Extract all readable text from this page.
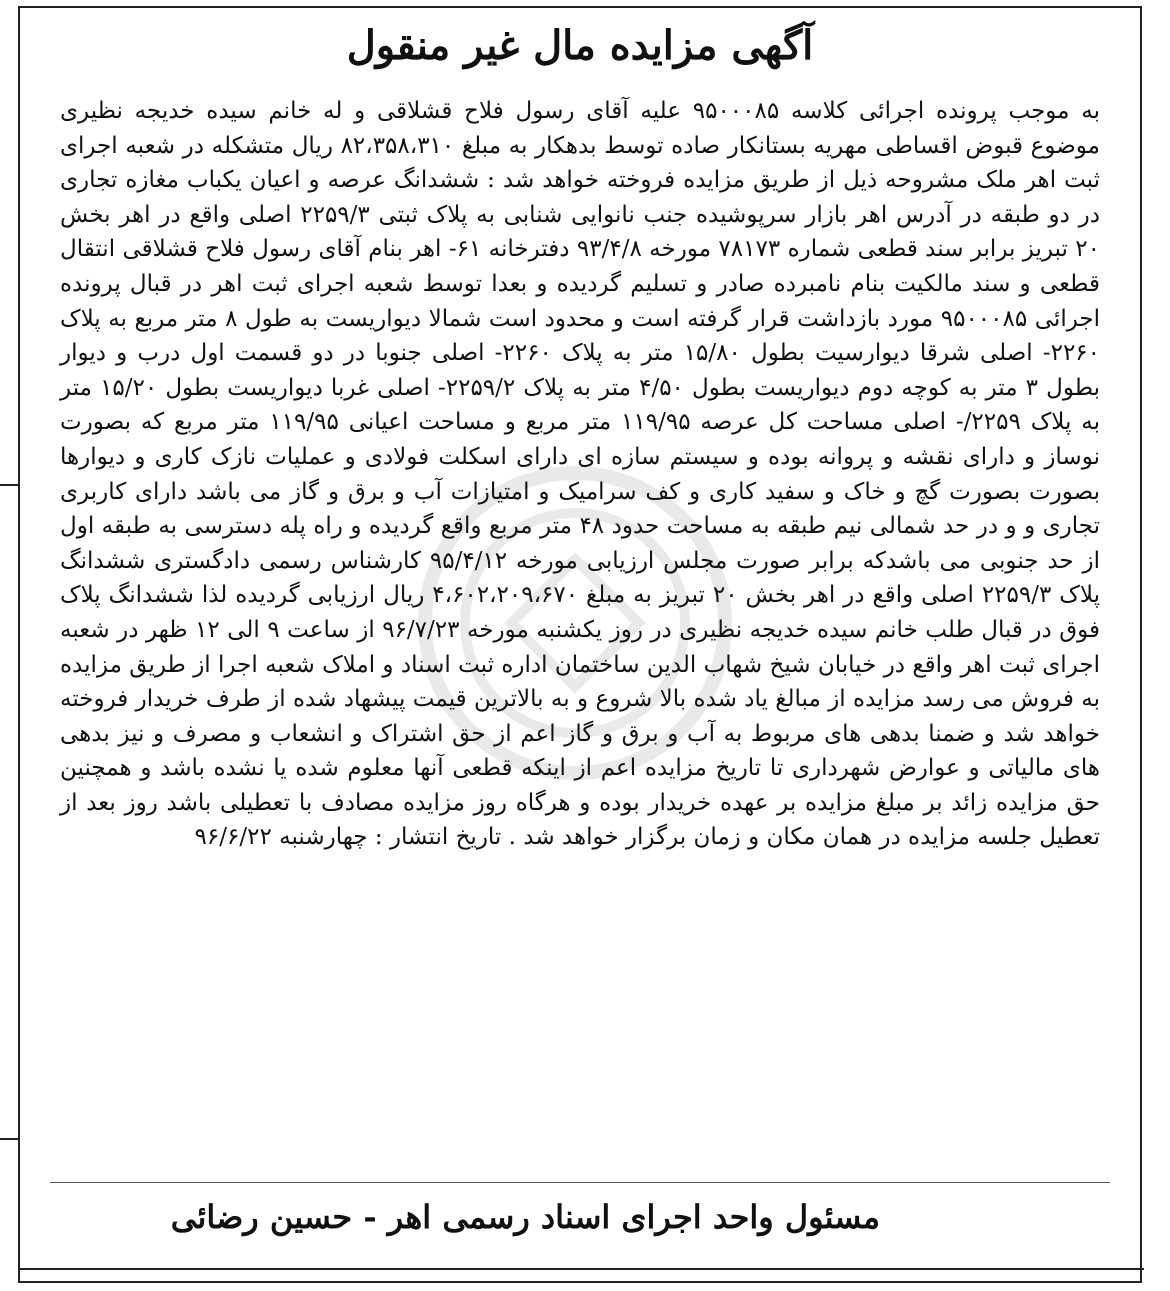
آگهی مزایده مال غیر منقول
به موجب پرونده اجرائی کلاسه ۹۵۰۰۰۸۵ علیه آقای رسول فلاح قشلاقی و له خانم سیده خدیجه نظیری موضوع قبوض اقساطی مهریه بستانکار صاده توسط بدهکار به مبلغ ۸۲،۳۵۸،۳۱۰ ریال متشکله در شعبه اجرای ثبت اهر ملک مشروحه ذیل از طریق مزایده فروخته خواهد شد : ششدانگ عرصه و اعیان یکباب مغازه تجاری در دو طبقه در آدرس اهر بازار سرپوشیده جنب نانوایی شنابی به پلاک ثبتی ۲۲۵۹/۳ اصلی واقع در اهر بخش ۲۰ تبریز برابر سند قطعی شماره ۷۸۱۷۳ مورخه ۹۳/۴/۸ دفترخانه ۶۱- اهر بنام آقای رسول فلاح قشلاقی انتقال قطعی و سند مالکیت بنام نامبرده صادر و تسلیم گردیده و بعدا توسط شعبه اجرای ثبت اهر در قبال پرونده اجرائی ۹۵۰۰۰۸۵ مورد بازداشت قرار گرفته است و محدود است شمالا دیواریست به طول ۸ متر مربع به پلاک ۲۲۶۰- اصلی شرقا دیوارسیت بطول ۱۵/۸۰ متر به پلاک ۲۲۶۰- اصلی جنوبا در دو قسمت اول درب و دیوار بطول ۳ متر به کوچه دوم دیواریست بطول ۴/۵۰ متر به پلاک ۲۲۵۹/۲- اصلی غربا دیواریست بطول ۱۵/۲۰ متر به پلاک ۲۲۵۹/- اصلی مساحت کل عرصه ۱۱۹/۹۵ متر مربع و مساحت اعیانی ۱۱۹/۹۵ متر مربع که بصورت نوساز و دارای نقشه و پروانه بوده و سیستم سازه ای دارای اسکلت فولادی و عملیات نازک کاری و دیوارها بصورت بصورت گچ و خاک و سفید کاری و کف سرامیک و امتیازات آب و برق و گاز می باشد دارای کاربری تجاری و و در حد شمالی نیم طبقه به مساحت حدود ۴۸ متر مربع واقع گردیده و راه پله دسترسی به طبقه اول از حد جنوبی می باشدکه برابر صورت مجلس ارزیابی مورخه ۹۵/۴/۱۲ کارشناس رسمی دادگستری ششدانگ پلاک ۲۲۵۹/۳ اصلی واقع در اهر بخش ۲۰ تبریز به مبلغ ۴،۶۰۲،۲۰۹،۶۷۰ ریال ارزیابی گردیده لذا ششدانگ پلاک فوق در قبال طلب خانم سیده خدیجه نظیری در روز یکشنبه مورخه ۹۶/۷/۲۳ از ساعت ۹ الی ۱۲ ظهر در شعبه اجرای ثبت اهر واقع در خیابان شیخ شهاب الدین ساختمان اداره ثبت اسناد و املاک شعبه اجرا از طریق مزایده به فروش می رسد مزایده از مبالغ یاد شده بالا شروع و به بالاترین قیمت پیشهاد شده از طرف خریدار فروخته خواهد شد و ضمنا بدهی های مربوط به آب و برق و گاز اعم از حق اشتراک و انشعاب و مصرف و نیز بدهی های مالیاتی و عوارض شهرداری تا تاریخ مزایده اعم از اینکه قطعی آنها معلوم شده یا نشده باشد و همچنین حق مزایده زائد بر مبلغ مزایده بر عهده خریدار بوده و هرگاه روز مزایده مصادف با تعطیلی باشد روز بعد از تعطیل جلسه مزایده در همان مکان و زمان برگزار خواهد شد . تاریخ انتشار : چهارشنبه ۹۶/۶/۲۲
مسئول واحد اجرای اسناد رسمی اهر - حسین رضائی
